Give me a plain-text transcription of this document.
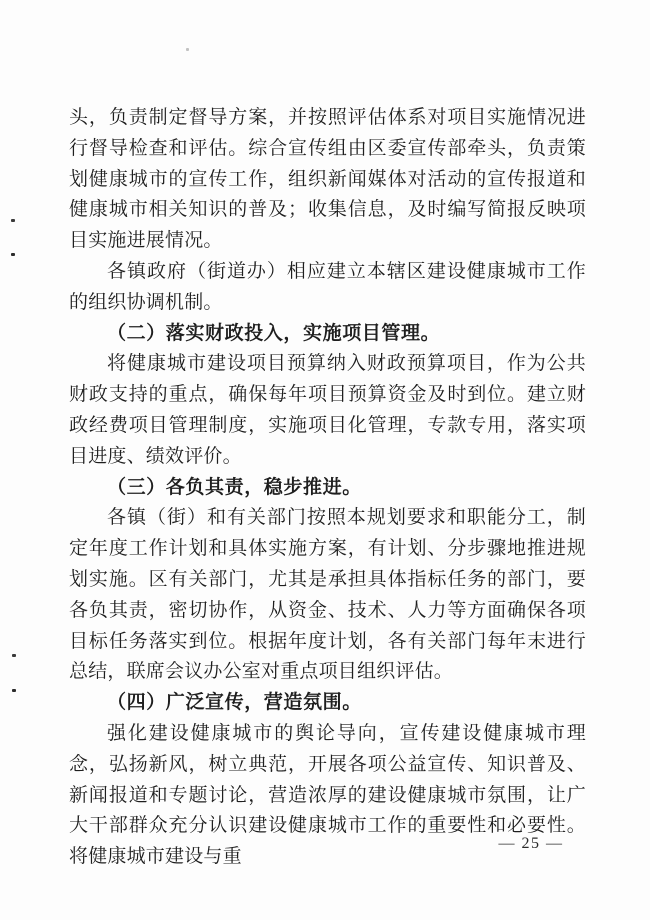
头，负责制定督导方案，并按照评估体系对项目实施情况进行督导检查和评估。综合宣传组由区委宣传部牵头，负责策划健康城市的宣传工作，组织新闻媒体对活动的宣传报道和健康城市相关知识的普及；收集信息，及时编写简报反映项目实施进展情况。

各镇政府（街道办）相应建立本辖区建设健康城市工作的组织协调机制。

（二）落实财政投入，实施项目管理。

将健康城市建设项目预算纳入财政预算项目，作为公共财政支持的重点，确保每年项目预算资金及时到位。建立财政经费项目管理制度，实施项目化管理，专款专用，落实项目进度、绩效评价。

（三）各负其责，稳步推进。

各镇（街）和有关部门按照本规划要求和职能分工，制定年度工作计划和具体实施方案，有计划、分步骤地推进规划实施。区有关部门，尤其是承担具体指标任务的部门，要各负其责，密切协作，从资金、技术、人力等方面确保各项目标任务落实到位。根据年度计划，各有关部门每年末进行总结，联席会议办公室对重点项目组织评估。

（四）广泛宣传，营造氛围。

强化建设健康城市的舆论导向，宣传建设健康城市理念，弘扬新风，树立典范，开展各项公益宣传、知识普及、新闻报道和专题讨论，营造浓厚的建设健康城市氛围，让广大干部群众充分认识建设健康城市工作的重要性和必要性。将健康城市建设与重

— 25 —
